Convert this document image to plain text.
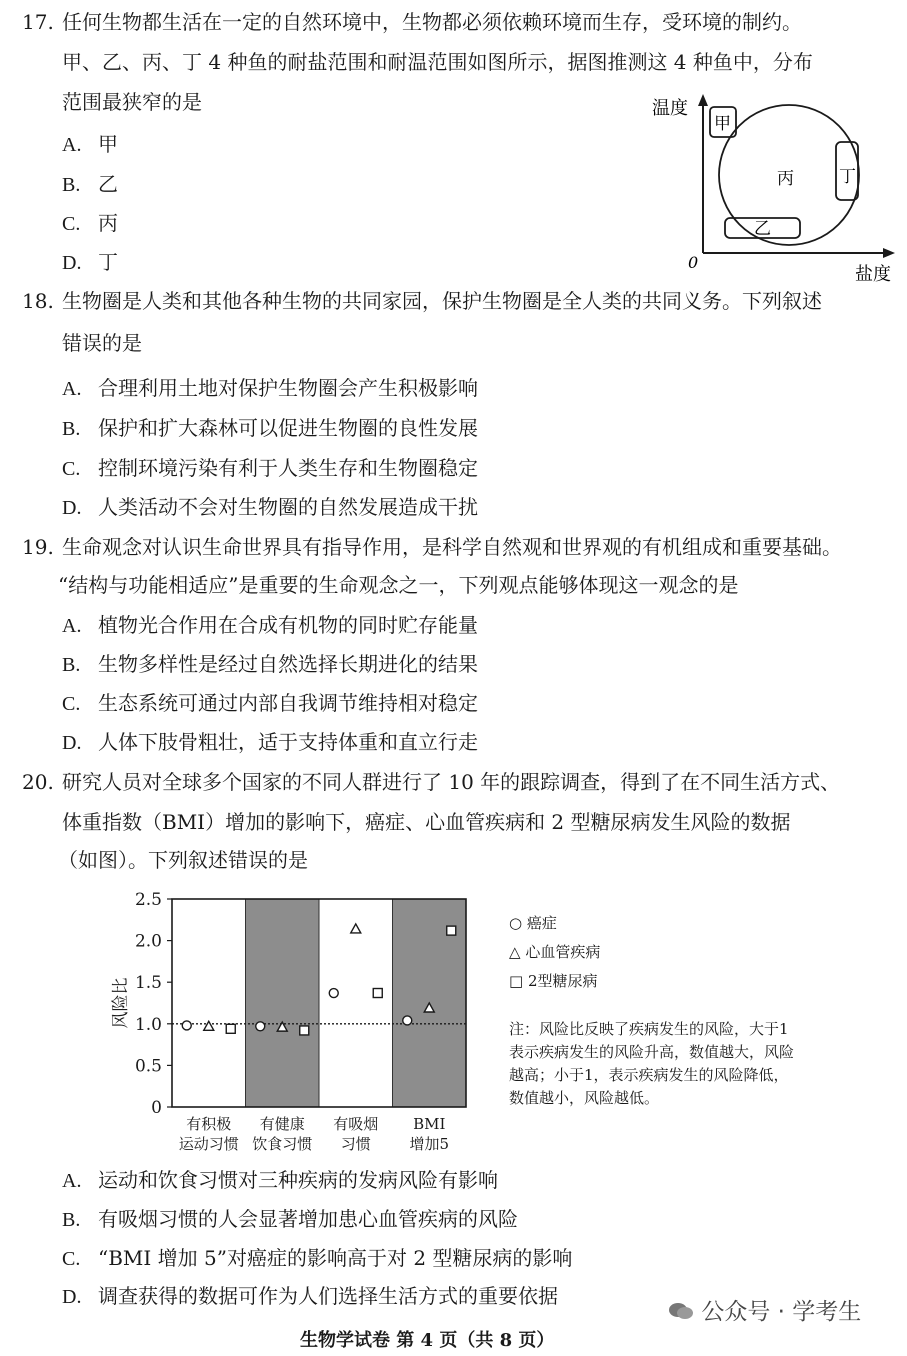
17. 任何生物都生活在一定的自然环境中，生物都必须依赖环境而生存，受环境的制约。
甲、乙、丙、丁 4 种鱼的耐盐范围和耐温范围如图所示，据图推测这 4 种鱼中，分布
范围最狭窄的是
A. 甲
B. 乙
C. 丙
D. 丁
温度
盐度
0
甲
丙	丁
乙
18. 生物圈是人类和其他各种生物的共同家园，保护生物圈是全人类的共同义务。下列叙述
错误的是
A. 合理利用土地对保护生物圈会产生积极影响
B. 保护和扩大森林可以促进生物圈的良性发展
C. 控制环境污染有利于人类生存和生物圈稳定
D. 人类活动不会对生物圈的自然发展造成干扰
19. 生命观念对认识生命世界具有指导作用，是科学自然观和世界观的有机组成和重要基础。
“结构与功能相适应”是重要的生命观念之一，下列观点能够体现这一观念的是
A. 植物光合作用在合成有机物的同时贮存能量
B. 生物多样性是经过自然选择长期进化的结果
C. 生态系统可通过内部自我调节维持相对稳定
D. 人体下肢骨粗壮，适于支持体重和直立行走
20. 研究人员对全球多个国家的不同人群进行了 10 年的跟踪调查，得到了在不同生活方式、
体重指数（BMI）增加的影响下，癌症、心血管疾病和 2 型糖尿病发生风险的数据
（如图）。下列叙述错误的是
0
0.5
1.0
1.5
2.0
2.5
风险比
有积极
运动习惯
有健康
饮食习惯
有吸烟
习惯
BMI
增加5
○ 癌症
△ 心血管疾病
□ 2型糖尿病
注：风险比反映了疾病发生的风险，大于1表示疾病发生的风险升高，数值越大，风险越高；小于1，表示疾病发生的风险降低，数值越小，风险越低。
A. 运动和饮食习惯对三种疾病的发病风险有影响
B. 有吸烟习惯的人会显著增加患心血管疾病的风险
C. “BMI 增加 5”对癌症的影响高于对 2 型糖尿病的影响
D. 调查获得的数据可作为人们选择生活方式的重要依据
生物学试卷 第 4 页（共 8 页）
公众号 · 学考生
